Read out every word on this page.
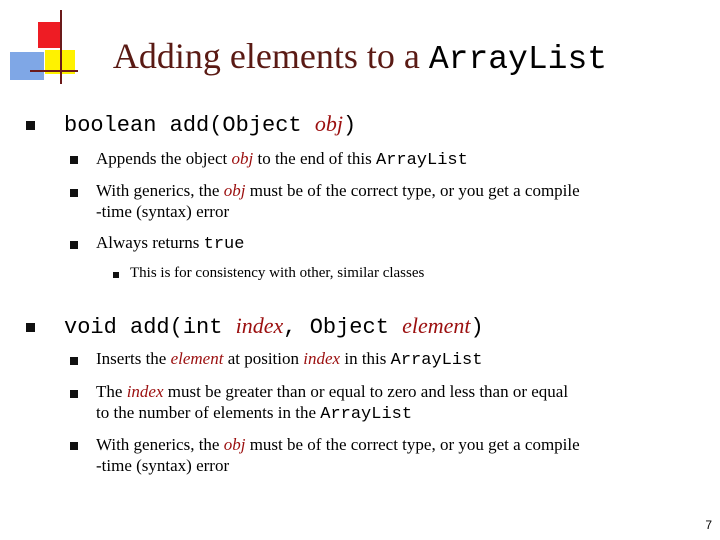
Adding elements to a ArrayList
boolean add(Object obj)
Appends the object obj to the end of this ArrayList
With generics, the obj must be of the correct type, or you get a compile
-time (syntax) error
Always returns true
This is for consistency with other, similar classes
void add(int index, Object element)
Inserts the element at position index in this ArrayList
The index must be greater than or equal to zero and less than or equal
to the number of elements in the ArrayList
With generics, the obj must be of the correct type, or you get a compile
-time (syntax) error
7
